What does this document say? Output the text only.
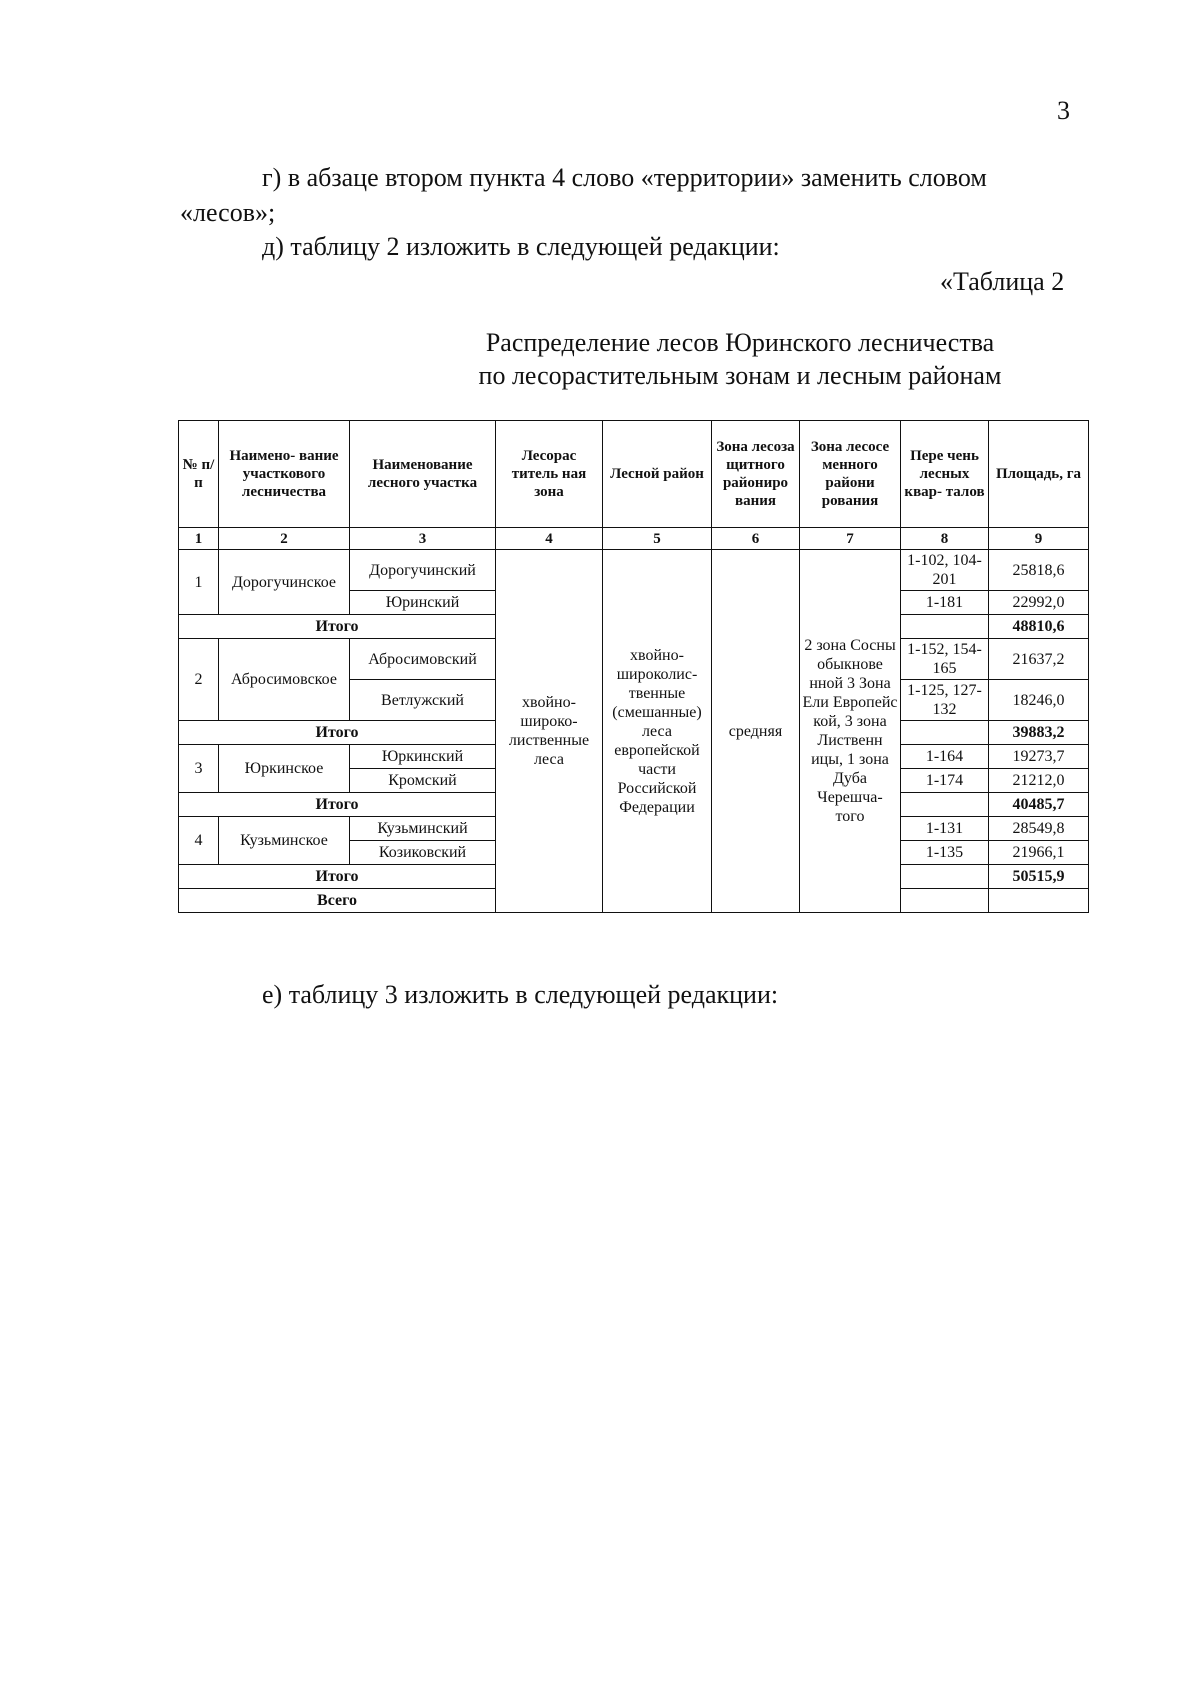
3
г) в абзаце втором пункта 4 слово «территории» заменить словом
«лесов»;
д) таблицу 2 изложить в следующей редакции:
«Таблица 2
Распределение лесов Юринского лесничества
по лесорастительным зонам и лесным районам
№ п/ п	Наимено- вание участкового лесничества	Наименование лесного участка	Лесорас титель ная зона	Лесной район	Зона лесоза щитного райониро вания	Зона лесосе менного райони рования	Пере чень лесных квар- талов	Площадь, га	
1	2	3	4	5	6	7	8	9	
1	Дорогучинское	Дорогучинский	хвойно- широко- лиственные леса	хвойно- широколис- твенные (смешанные) леса европейской части Российской Федерации	средняя	2 зона Сосны обыкнове нной 3 Зона Ели Европейс кой, 3 зона Лиственн ицы, 1 зона Дуба Черешча- того	1-102, 104-201	25818,6	
		Юринский					1-181	22992,0	
Итого								48810,6	
2	Абросимовское	Абросимовский					1-152, 154-165	21637,2	
		Ветлужский					1-125, 127-132	18246,0	
Итого								39883,2	
3	Юркинское	Юркинский					1-164	19273,7	
		Кромский					1-174	21212,0	
Итого								40485,7	
4	Кузьминское	Кузьминский					1-131	28549,8	
		Козиковский					1-135	21966,1	
Итого								50515,9	
Всего				
е) таблицу 3 изложить в следующей редакции:
